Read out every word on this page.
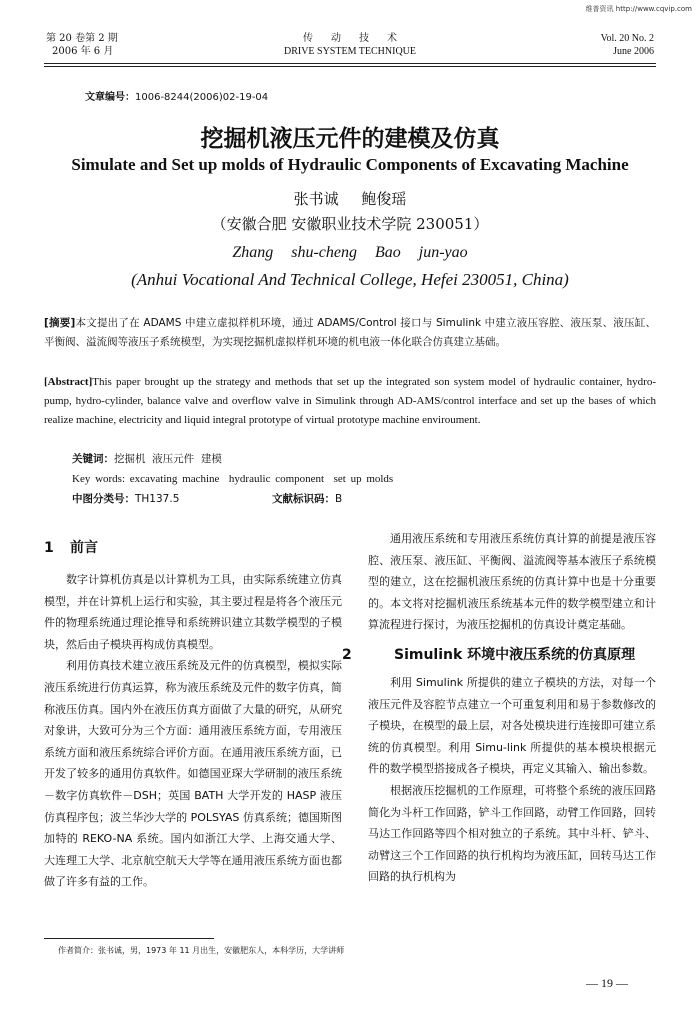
维普资讯 http://www.cqvip.com
第 20 卷第 2 期
2006 年 6 月
传动技术
DRIVE SYSTEM TECHNIQUE
Vol. 20 No. 2
June 2006
文章编号：1006-8244(2006)02-19-04
挖掘机液压元件的建模及仿真
Simulate and Set up molds of Hydraulic Components of Excavating Machine
张书诚 鲍俊瑶
（安徽合肥 安徽职业技术学院 230051）
Zhang shu-cheng Bao jun-yao
(Anhui Vocational And Technical College, Hefei 230051, China)
[摘要]本文提出了在 ADAMS 中建立虚拟样机环境，通过 ADAMS/Control 接口与 Simulink 中建立液压容腔、液压泵、液压缸、平衡阀、溢流阀等液压子系统模型，为实现挖掘机虚拟样机环境的机电液一体化联合仿真建立基础。
[Abstract]This paper brought up the strategy and methods that set up the integrated son system model of hydraulic container, hydro-pump, hydro-cylinder, balance valve and overflow valve in Simulink through AD-AMS/control interface and set up the bases of which realize machine, electricity and liquid integral prototype of virtual prototype machine enviroument.
关键词：挖掘机  液压元件  建模
Key words: excavating machine  hydraulic component  set up molds
中图分类号：TH137.5	文献标识码：B
1 前言

数字计算机仿真是以计算机为工具，由实际系统建立仿真模型，并在计算机上运行和实验，其主要过程是将各个液压元件的物理系统通过理论推导和系统辨识建立其数学模型的子模块，然后由子模块再构成仿真模型。

利用仿真技术建立液压系统及元件的仿真模型，模拟实际液压系统进行仿真运算，称为液压系统及元件的数字仿真，简称液压仿真。国内外在液压仿真方面做了大量的研究，从研究对象讲，大致可分为三个方面：通用液压系统方面，专用液压系统方面和液压系统综合评价方面。在通用液压系统方面，已开发了较多的通用仿真软件。如德国亚琛大学研制的液压系统－数字仿真软件－DSH；英国 BATH 大学开发的 HASP 液压仿真程序包；波兰华沙大学的 POLSYAS 仿真系统；德国斯图加特的 REKO-NA 系统。国内如浙江大学、上海交通大学、大连理工大学、北京航空航天大学等在通用液压系统方面也都做了许多有益的工作。

通用液压系统和专用液压系统仿真计算的前提是液压容腔、液压泵、液压缸、平衡阀、溢流阀等基本液压子系统模型的建立，这在挖掘机液压系统的仿真计算中也是十分重要的。本文将对挖掘机液压系统基本元件的数学模型建立和计算流程进行探讨，为液压挖掘机的仿真设计奠定基础。

2	Simulink 环境中液压系统的仿真原理

利用 Simulink 所提供的建立子模块的方法，对每一个液压元件及容腔节点建立一个可重复利用和易于参数修改的子模块，在模型的最上层，对各处模块进行连接即可建立系统的仿真模型。利用 Simu-link 所提供的基本模块根据元件的数学模型搭接成各子模块，再定义其输入、输出参数。

根据液压挖掘机的工作原理，可将整个系统的液压回路简化为斗杆工作回路，铲斗工作回路，动臂工作回路，回转马达工作回路等四个相对独立的子系统。其中斗杆、铲斗、动臂这三个工作回路的执行机构均为液压缸，回转马达工作回路的执行机构为

作者简介：张书诚，男，1973 年 11 月出生，安徽肥东人，本科学历，大学讲师
— 19 —
